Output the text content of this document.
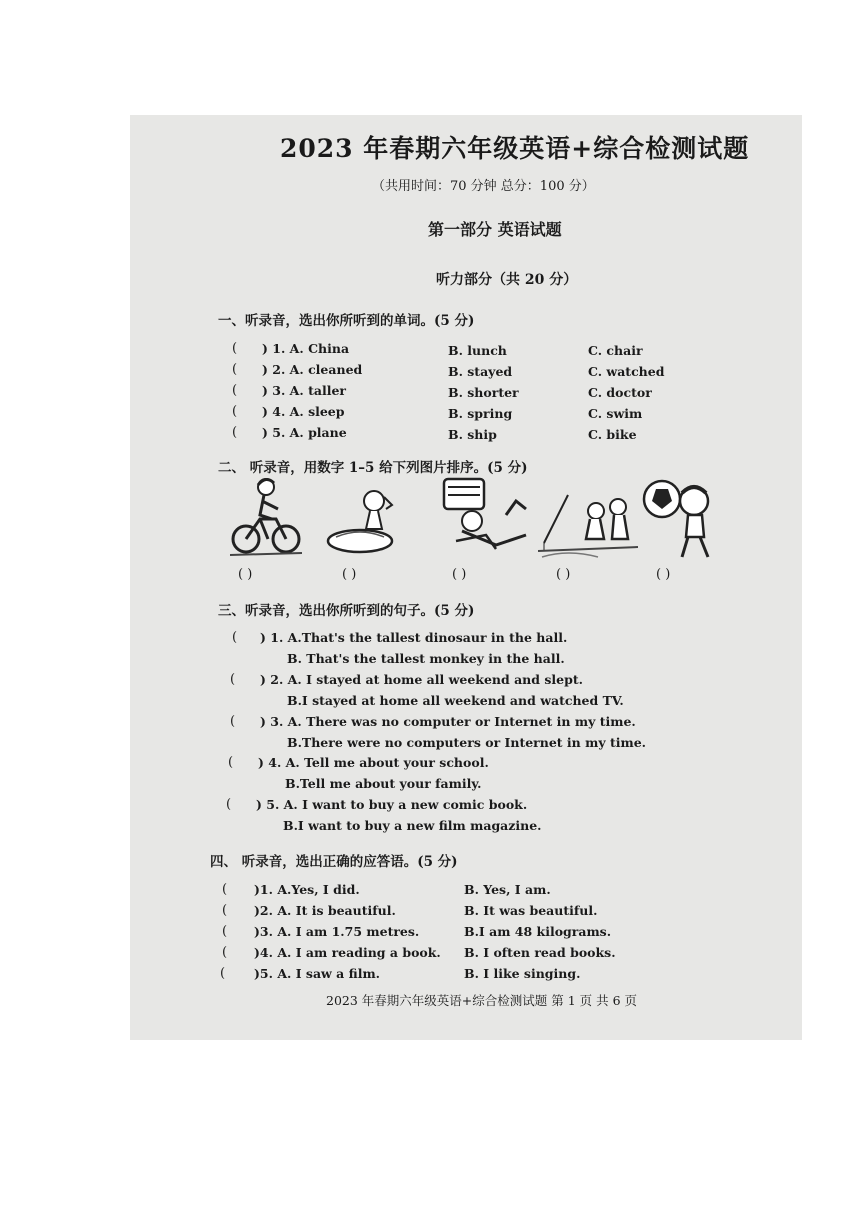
2023 年春期六年级英语+综合检测试题
（共用时间：70 分钟 总分：100 分）
第一部分 英语试题
听力部分（共 20 分）
一、听录音，选出你所听到的单词。(5 分)
( ) 1. A. China	B. lunch	C. chair
( ) 2. A. cleaned	B. stayed	C. watched
( ) 3. A. taller	B. shorter	C. doctor
( ) 4. A. sleep	B. spring	C. swim
( ) 5. A. plane	B. ship	C. bike
二、 听录音，用数字 1–5 给下列图片排序。(5 分)
( )	( )	( )	( )	( )
三、听录音，选出你所听到的句子。(5 分)
( ) 1. A.That's the tallest dinosaur in the hall.
B. That's the tallest monkey in the hall.
( ) 2. A. I stayed at home all weekend and slept.
B.I stayed at home all weekend and watched TV.
( ) 3. A. There was no computer or Internet in my time.
B.There were no computers or Internet in my time.
( ) 4. A. Tell me about your school.
B.Tell me about your family.
( ) 5. A. I want to buy a new comic book.
B.I want to buy a new film magazine.
四、 听录音，选出正确的应答语。(5 分)
( )1. A.Yes, I did.	B. Yes, I am.
( )2. A. It is beautiful.	B. It was beautiful.
( )3. A. I am 1.75 metres.	B.I am 48 kilograms.
( )4. A. I am reading a book. B. I often read books.
( )5. A. I saw a film.	B. I like singing.
2023 年春期六年级英语+综合检测试题 第 1 页 共 6 页
